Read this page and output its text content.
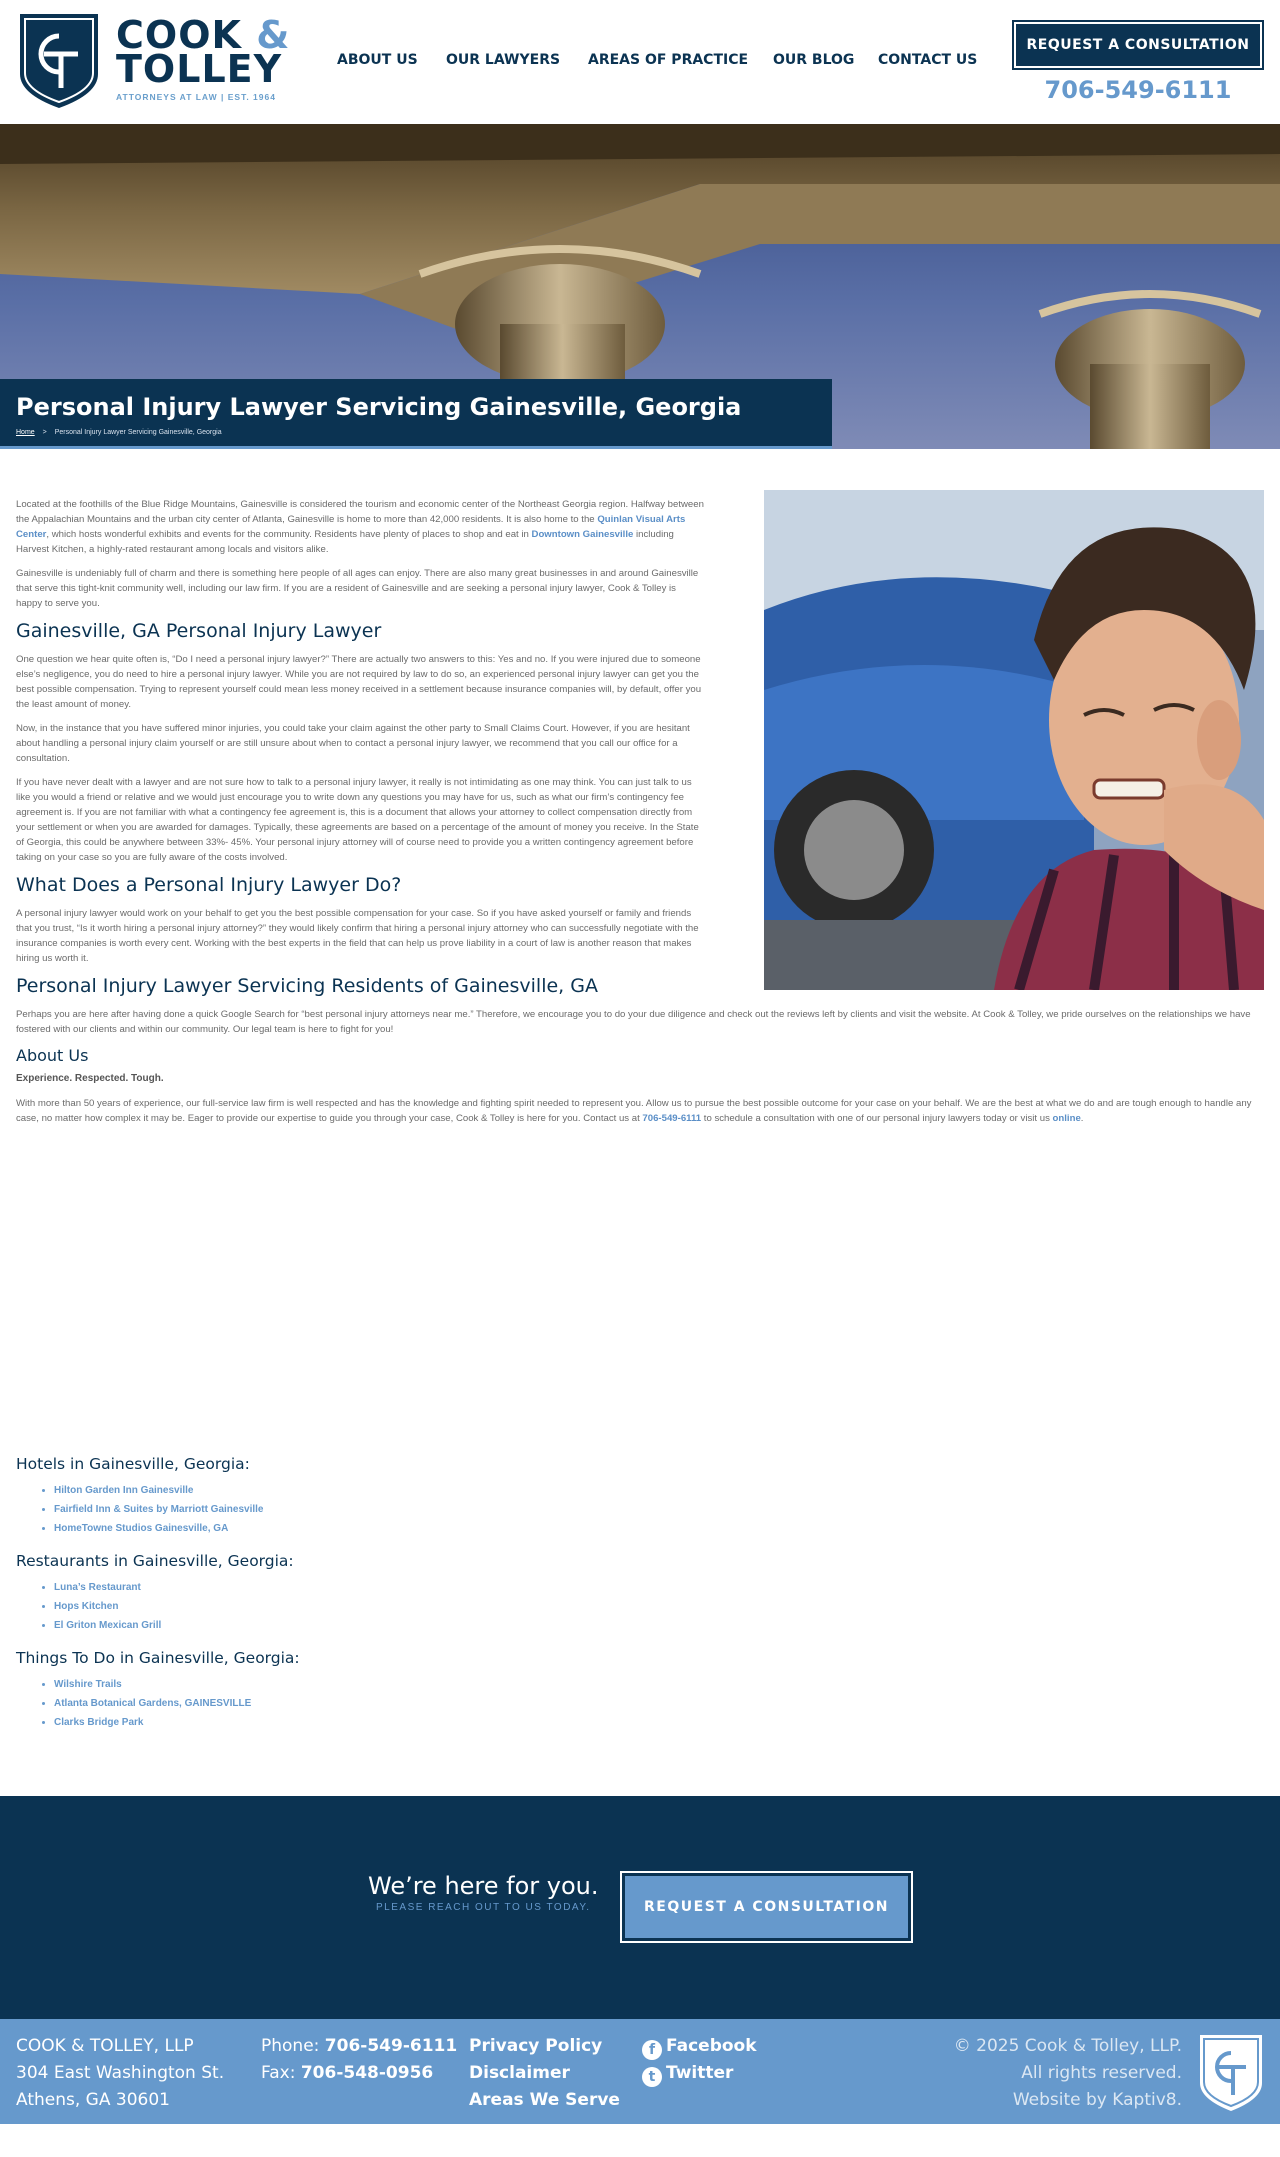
COOK &
TOLLEY
ATTORNEYS AT LAW | EST. 1964
ABOUT US OUR LAWYERS AREAS OF PRACTICE OUR BLOG CONTACT US
REQUEST A CONSULTATION
706-549-6111
Personal Injury Lawyer Servicing Gainesville, Georgia
Home > Personal Injury Lawyer Servicing Gainesville, Georgia

Located at the foothills of the Blue Ridge Mountains, Gainesville is considered the tourism and economic center of the Northeast Georgia region. Halfway between the Appalachian Mountains and the urban city center of Atlanta, Gainesville is home to more than 42,000 residents. It is also home to the Quinlan Visual Arts Center, which hosts wonderful exhibits and events for the community. Residents have plenty of places to shop and eat in Downtown Gainesville including Harvest Kitchen, a highly-rated restaurant among locals and visitors alike.

Gainesville is undeniably full of charm and there is something here people of all ages can enjoy. There are also many great businesses in and around Gainesville that serve this tight-knit community well, including our law firm. If you are a resident of Gainesville and are seeking a personal injury lawyer, Cook & Tolley is happy to serve you.

Gainesville, GA Personal Injury Lawyer

One question we hear quite often is, “Do I need a personal injury lawyer?” There are actually two answers to this: Yes and no. If you were injured due to someone else’s negligence, you do need to hire a personal injury lawyer. While you are not required by law to do so, an experienced personal injury lawyer can get you the best possible compensation. Trying to represent yourself could mean less money received in a settlement because insurance companies will, by default, offer you the least amount of money.

Now, in the instance that you have suffered minor injuries, you could take your claim against the other party to Small Claims Court. However, if you are hesitant about handling a personal injury claim yourself or are still unsure about when to contact a personal injury lawyer, we recommend that you call our office for a consultation.

If you have never dealt with a lawyer and are not sure how to talk to a personal injury lawyer, it really is not intimidating as one may think. You can just talk to us like you would a friend or relative and we would just encourage you to write down any questions you may have for us, such as what our firm’s contingency fee agreement is. If you are not familiar with what a contingency fee agreement is, this is a document that allows your attorney to collect compensation directly from your settlement or when you are awarded for damages. Typically, these agreements are based on a percentage of the amount of money you receive. In the State of Georgia, this could be anywhere between 33%- 45%. Your personal injury attorney will of course need to provide you a written contingency agreement before taking on your case so you are fully aware of the costs involved.

What Does a Personal Injury Lawyer Do?

A personal injury lawyer would work on your behalf to get you the best possible compensation for your case. So if you have asked yourself or family and friends that you trust, “Is it worth hiring a personal injury attorney?” they would likely confirm that hiring a personal injury attorney who can successfully negotiate with the insurance companies is worth every cent. Working with the best experts in the field that can help us prove liability in a court of law is another reason that makes hiring us worth it.

Personal Injury Lawyer Servicing Residents of Gainesville, GA

Perhaps you are here after having done a quick Google Search for “best personal injury attorneys near me.” Therefore, we encourage you to do your due diligence and check out the reviews left by clients and visit the website. At Cook & Tolley, we pride ourselves on the relationships we have fostered with our clients and within our community. Our legal team is here to fight for you!

About Us
Experience. Respected. Tough.

With more than 50 years of experience, our full-service law firm is well respected and has the knowledge and fighting spirit needed to represent you. Allow us to pursue the best possible outcome for your case on your behalf. We are the best at what we do and are tough enough to handle any case, no matter how complex it may be. Eager to provide our expertise to guide you through your case, Cook & Tolley is here for you. Contact us at 706-549-6111 to schedule a consultation with one of our personal injury lawyers today or visit us online.

Hotels in Gainesville, Georgia:
• Hilton Garden Inn Gainesville
• Fairfield Inn & Suites by Marriott Gainesville
• HomeTowne Studios Gainesville, GA
Restaurants in Gainesville, Georgia:
• Luna’s Restaurant
• Hops Kitchen
• El Griton Mexican Grill
Things To Do in Gainesville, Georgia:
• Wilshire Trails
• Atlanta Botanical Gardens, GAINESVILLE
• Clarks Bridge Park
We’re here for you.
PLEASE REACH OUT TO US TODAY.	REQUEST A CONSULTATION
COOK & TOLLEY, LLP
304 East Washington St.
Athens, GA 30601
Phone: 706-549-6111
Fax: 706-548-0956
Privacy Policy
Disclaimer
Areas We Serve
f Facebook
t Twitter
© 2025 Cook & Tolley, LLP.
All rights reserved.
Website by Kaptiv8.
